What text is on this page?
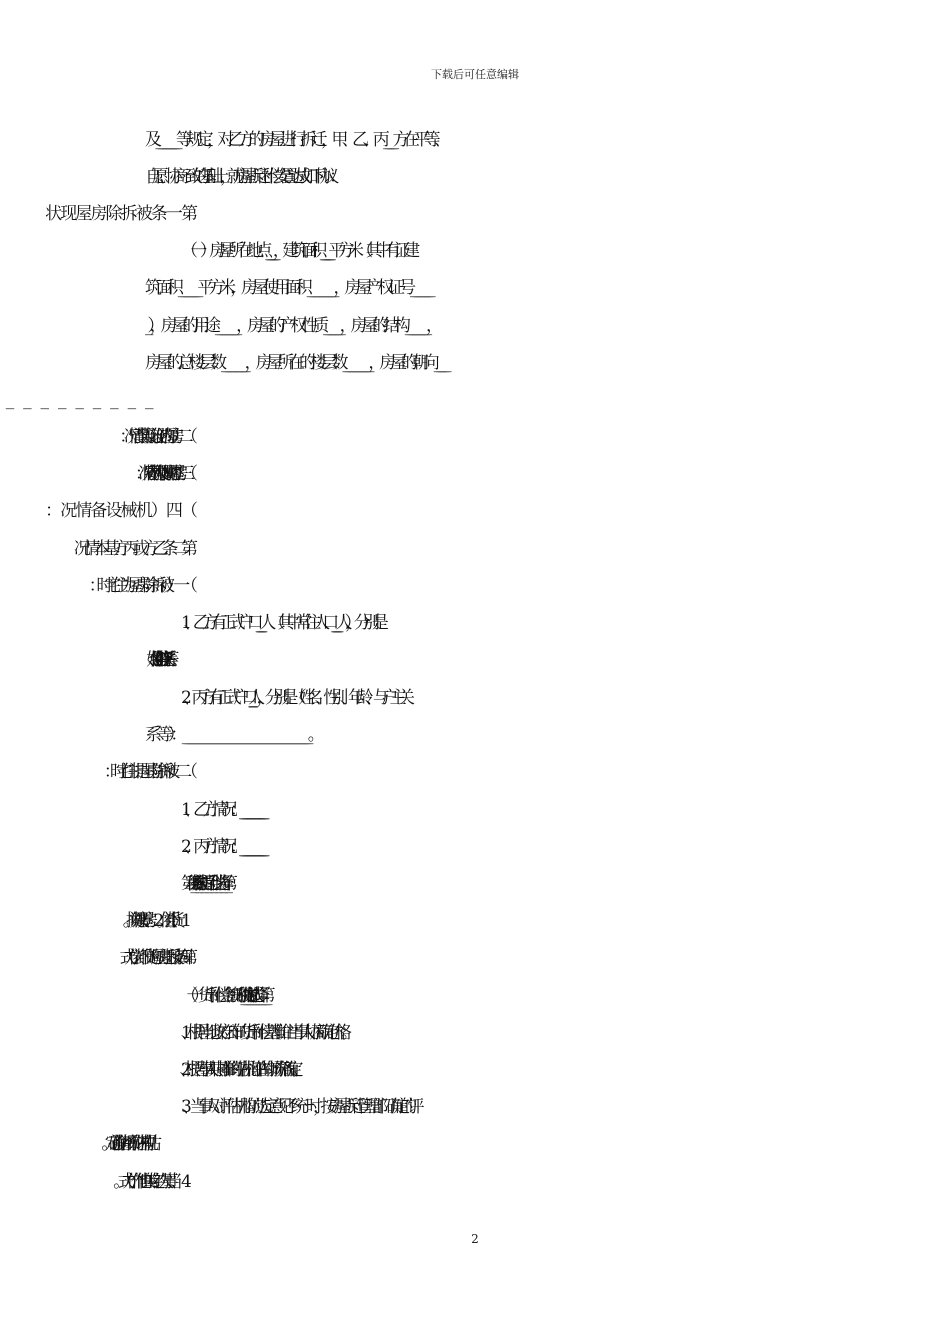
下载后可任意编辑
及___________等规定，对乙方的房屋进行拆迁，甲、乙、丙_____方在平等、
自愿、协商一致的基础上，就房屋拆迁补偿安置达成如下协议：
（一）房屋所在地点_________，建筑面积__________平方米（其中有证建
筑面积________平方米，房屋使用面积___________，房屋产权证号________
_），房屋的用途_________，房屋的产权性质_______，房屋的结构_________，
房屋的总楼层数__________，房屋所在的楼层数___________，房屋的朝向_____
1、乙方有正式户口________人（其中常住人口_________人），分别是
（姓名、性别、年龄、与户主关系等）。
2、丙方有正式户口_________人，分别是（姓名、性别、年龄、与户主关
系等）：_____________________________________________。
1、乙方情况：__________________________________
2、丙方情况：__________________________________
第三条房屋拆迁补偿选择第________种方式：
（一）货币补偿金额的确定选择第_________种方式：
1、根据当地政府公布的货币补偿基准价由当事人协商确定价格。
2、根据当事人共同推举的评估机构评估的市场价格确定。
3、当事人对评估机构的选定意见不统一时，按房屋拆迁管理部门确定的评
2
